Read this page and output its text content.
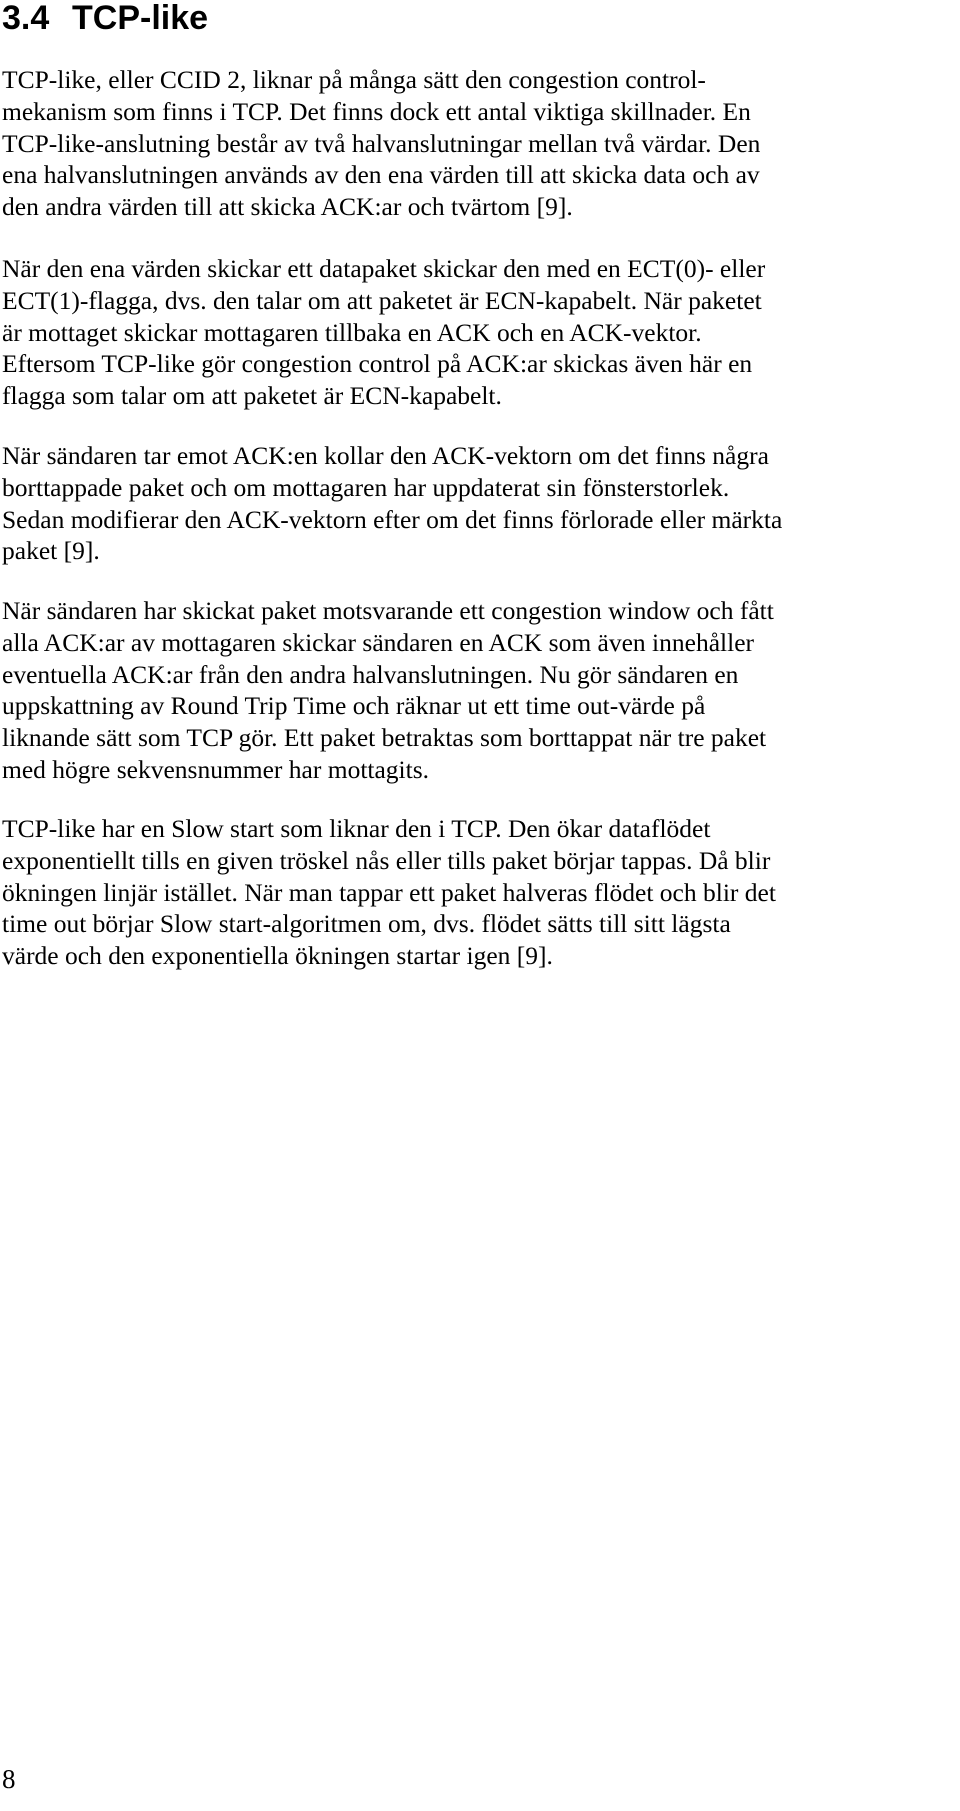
3.4 TCP-like

TCP-like, eller CCID 2, liknar på många sätt den congestion control-
mekanism som finns i TCP. Det finns dock ett antal viktiga skillnader. En
TCP-like-anslutning består av två halvanslutningar mellan två värdar. Den
ena halvanslutningen används av den ena värden till att skicka data och av
den andra värden till att skicka ACK:ar och tvärtom [9].

När den ena värden skickar ett datapaket skickar den med en ECT(0)- eller
ECT(1)-flagga, dvs. den talar om att paketet är ECN-kapabelt. När paketet
är mottaget skickar mottagaren tillbaka en ACK och en ACK-vektor.
Eftersom TCP-like gör congestion control på ACK:ar skickas även här en
flagga som talar om att paketet är ECN-kapabelt.

När sändaren tar emot ACK:en kollar den ACK-vektorn om det finns några
borttappade paket och om mottagaren har uppdaterat sin fönsterstorlek.
Sedan modifierar den ACK-vektorn efter om det finns förlorade eller märkta
paket [9].

När sändaren har skickat paket motsvarande ett congestion window och fått
alla ACK:ar av mottagaren skickar sändaren en ACK som även innehåller
eventuella ACK:ar från den andra halvanslutningen. Nu gör sändaren en
uppskattning av Round Trip Time och räknar ut ett time out-värde på
liknande sätt som TCP gör. Ett paket betraktas som borttappat när tre paket
med högre sekvensnummer har mottagits.

TCP-like har en Slow start som liknar den i TCP. Den ökar dataflödet
exponentiellt tills en given tröskel nås eller tills paket börjar tappas. Då blir
ökningen linjär istället. När man tappar ett paket halveras flödet och blir det
time out börjar Slow start-algoritmen om, dvs. flödet sätts till sitt lägsta
värde och den exponentiella ökningen startar igen [9].

8
